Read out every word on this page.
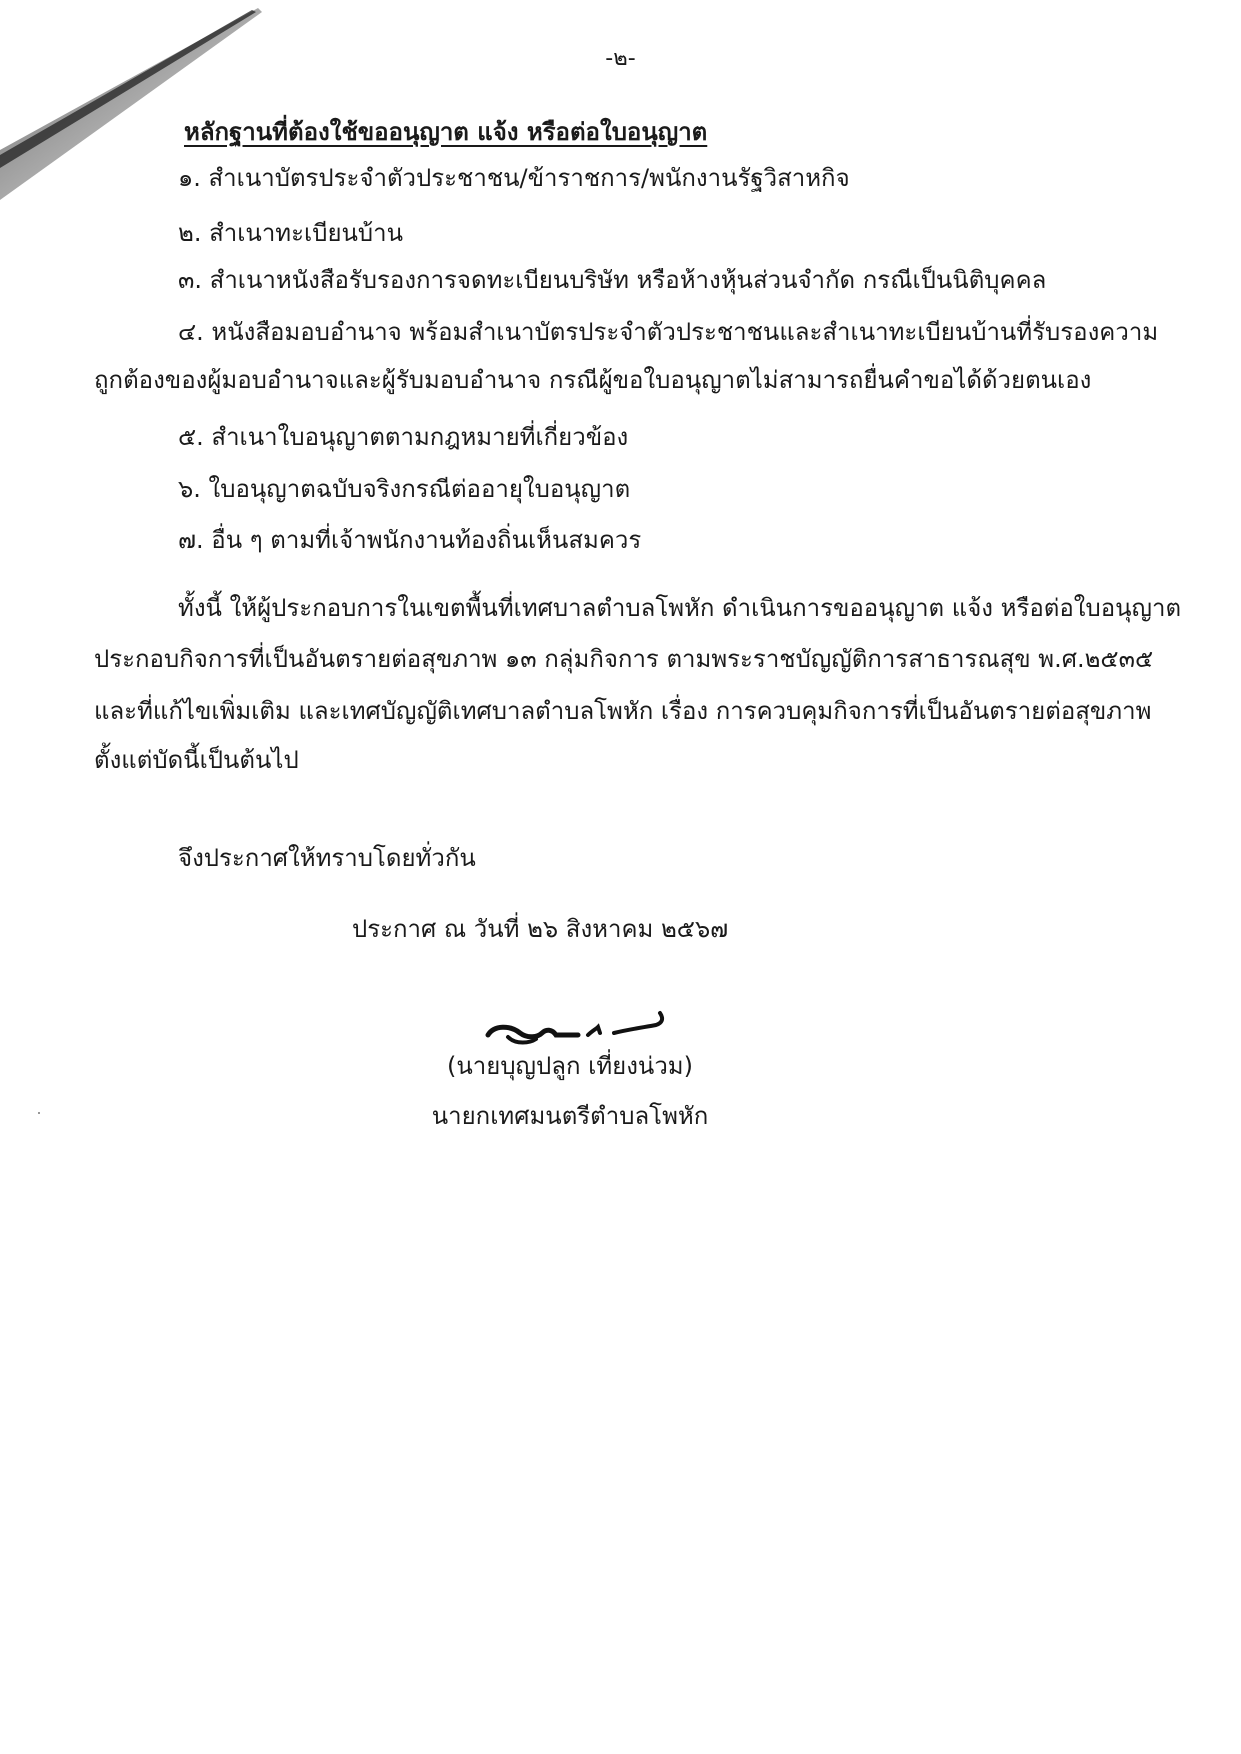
-๒-
หลักฐานที่ต้องใช้ขออนุญาต แจ้ง หรือต่อใบอนุญาต
๑. สำเนาบัตรประจำตัวประชาชน/ข้าราชการ/พนักงานรัฐวิสาหกิจ
๒. สำเนาทะเบียนบ้าน
๓. สำเนาหนังสือรับรองการจดทะเบียนบริษัท หรือห้างหุ้นส่วนจำกัด กรณีเป็นนิติบุคคล
๔. หนังสือมอบอำนาจ พร้อมสำเนาบัตรประจำตัวประชาชนและสำเนาทะเบียนบ้านที่รับรองความ
ถูกต้องของผู้มอบอำนาจและผู้รับมอบอำนาจ กรณีผู้ขอใบอนุญาตไม่สามารถยื่นคำขอได้ด้วยตนเอง
๕. สำเนาใบอนุญาตตามกฎหมายที่เกี่ยวข้อง
๖. ใบอนุญาตฉบับจริงกรณีต่ออายุใบอนุญาต
๗. อื่น ๆ ตามที่เจ้าพนักงานท้องถิ่นเห็นสมควร
ทั้งนี้ ให้ผู้ประกอบการในเขตพื้นที่เทศบาลตำบลโพหัก ดำเนินการขออนุญาต แจ้ง หรือต่อใบอนุญาต
ประกอบกิจการที่เป็นอันตรายต่อสุขภาพ ๑๓ กลุ่มกิจการ ตามพระราชบัญญัติการสาธารณสุข พ.ศ.๒๕๓๕
และที่แก้ไขเพิ่มเติม และเทศบัญญัติเทศบาลตำบลโพหัก เรื่อง การควบคุมกิจการที่เป็นอันตรายต่อสุขภาพ
ตั้งแต่บัดนี้เป็นต้นไป
จึงประกาศให้ทราบโดยทั่วกัน
ประกาศ ณ วันที่ ๒๖ สิงหาคม ๒๕๖๗
(นายบุญปลูก เที่ยงน่วม)
นายกเทศมนตรีตำบลโพหัก
